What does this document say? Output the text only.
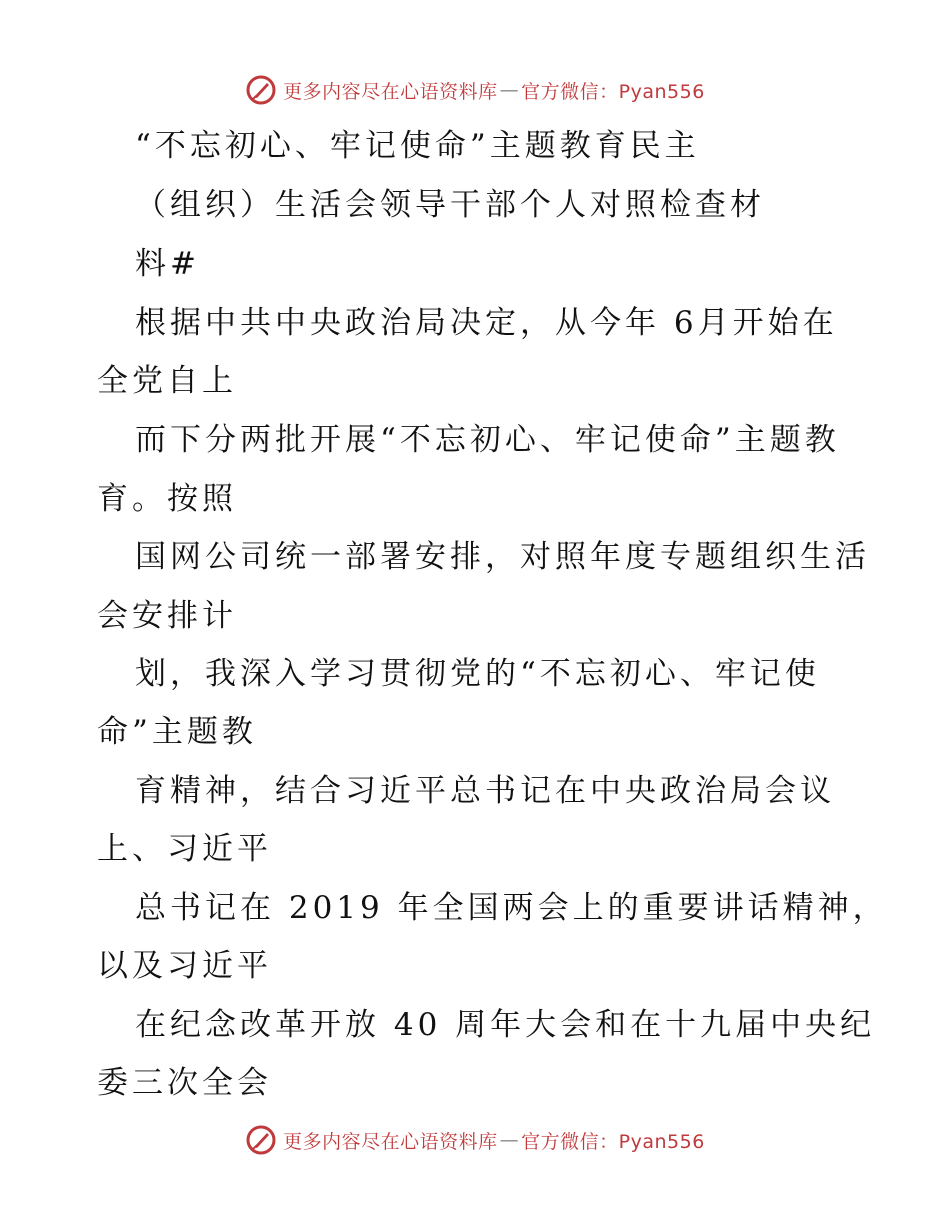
更多内容尽在心语资料库 — 官方微信：Pyan556
“不忘初心、牢记使命”主题教育民主
（组织）生活会领导干部个人对照检查材
料#
根据中共中央政治局决定，从今年 6月开始在
全党自上
而下分两批开展“不忘初心、牢记使命”主题教
育。按照
国网公司统一部署安排，对照年度专题组织生活
会安排计
划，我深入学习贯彻党的“不忘初心、牢记使
命”主题教
育精神，结合习近平总书记在中央政治局会议
上、习近平
总书记在 2019 年全国两会上的重要讲话精神，
以及习近平
在纪念改革开放 40 周年大会和在十九届中央纪
委三次全会
更多内容尽在心语资料库 — 官方微信：Pyan556
